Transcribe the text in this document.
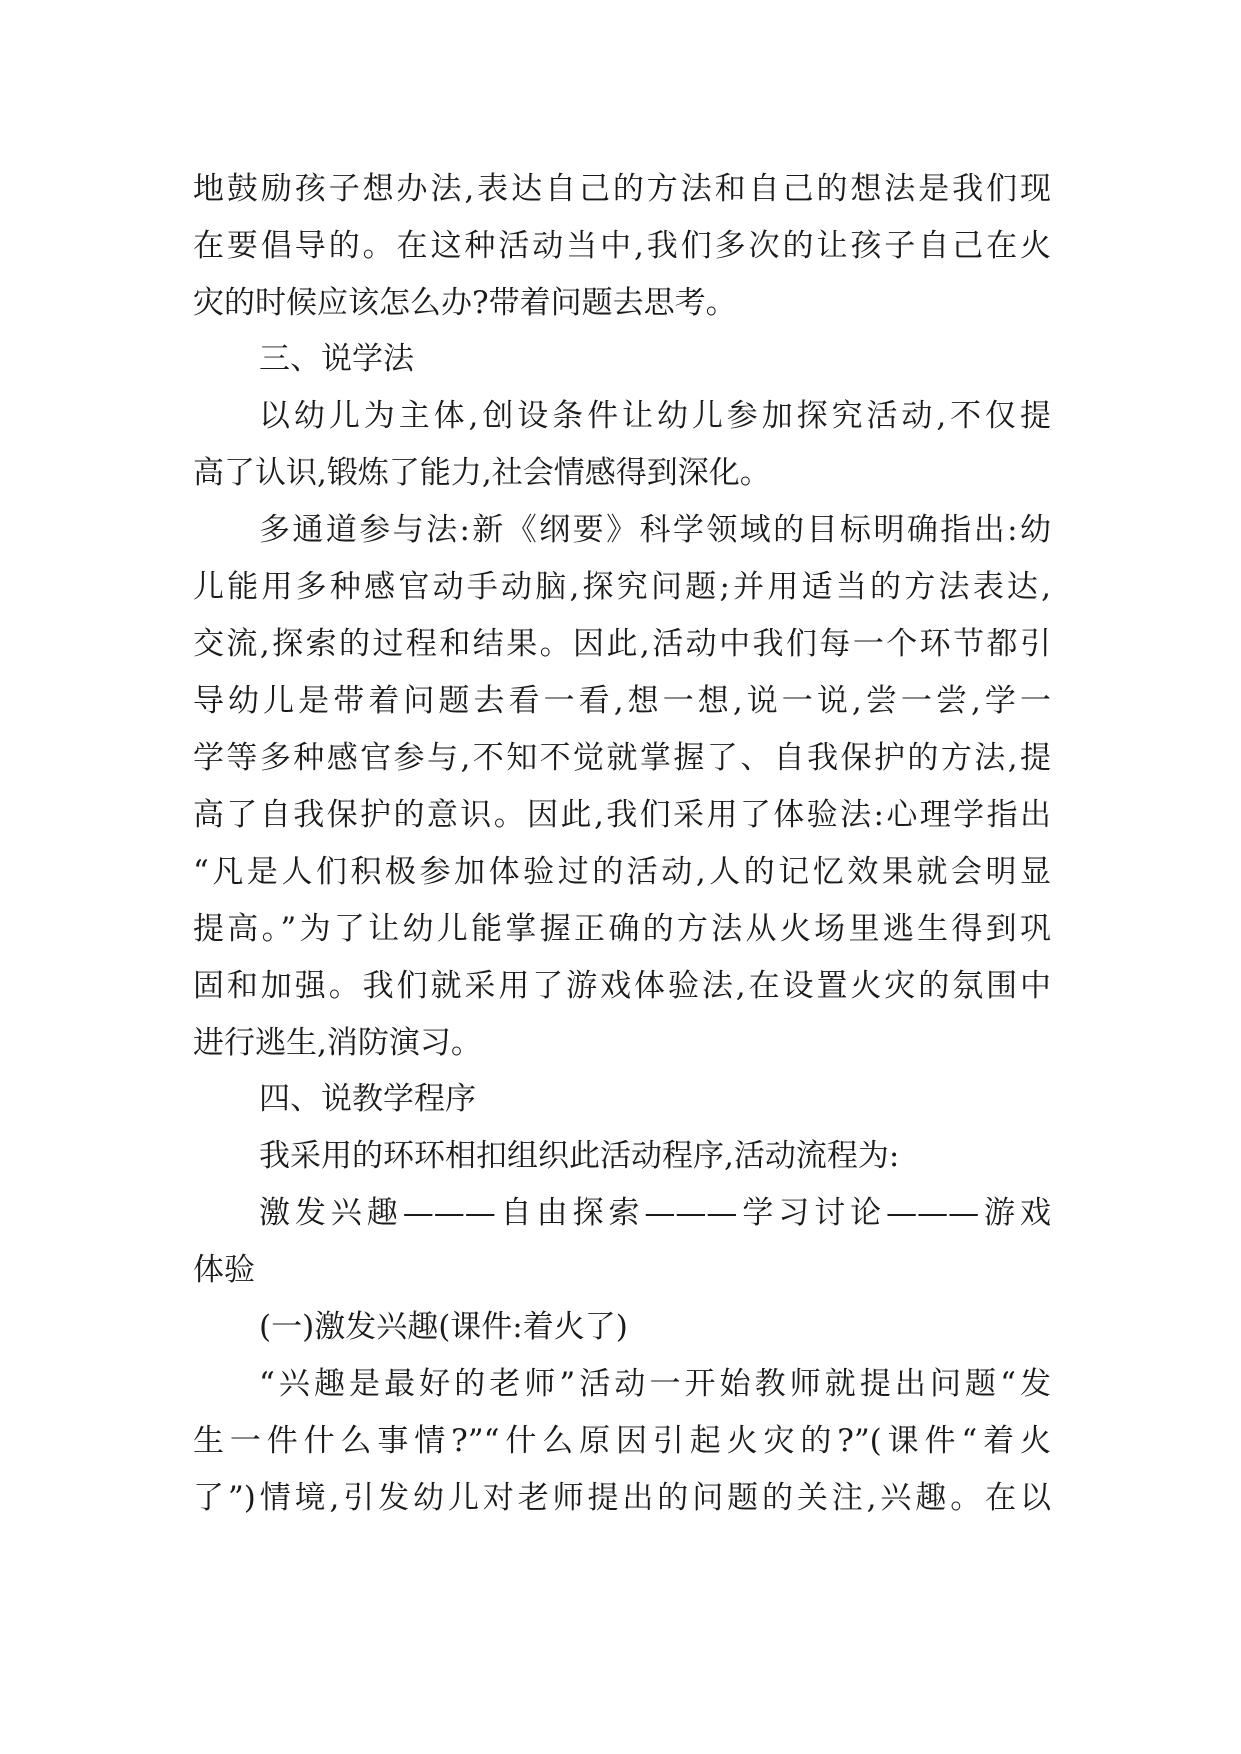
地鼓励孩子想办法,表达自己的方法和自己的想法是我们现
在要倡导的。在这种活动当中,我们多次的让孩子自己在火
灾的时候应该怎么办?带着问题去思考。
三、说学法
以幼儿为主体,创设条件让幼儿参加探究活动,不仅提
高了认识,锻炼了能力,社会情感得到深化。
多通道参与法:新《纲要》科学领域的目标明确指出:幼
儿能用多种感官动手动脑,探究问题;并用适当的方法表达,
交流,探索的过程和结果。因此,活动中我们每一个环节都引
导幼儿是带着问题去看一看,想一想,说一说,尝一尝,学一
学等多种感官参与,不知不觉就掌握了、自我保护的方法,提
高了自我保护的意识。因此,我们采用了体验法:心理学指出
“凡是人们积极参加体验过的活动,人的记忆效果就会明显
提高。”为了让幼儿能掌握正确的方法从火场里逃生得到巩
固和加强。我们就采用了游戏体验法,在设置火灾的氛围中
进行逃生,消防演习。
四、说教学程序
我采用的环环相扣组织此活动程序,活动流程为:
激发兴趣———自由探索———学习讨论———游戏
体验
(一)激发兴趣(课件:着火了)
“兴趣是最好的老师”活动一开始教师就提出问题“发
生一件什么事情?”“什么原因引起火灾的?”(课件“着火
了”)情境,引发幼儿对老师提出的问题的关注,兴趣。在以
